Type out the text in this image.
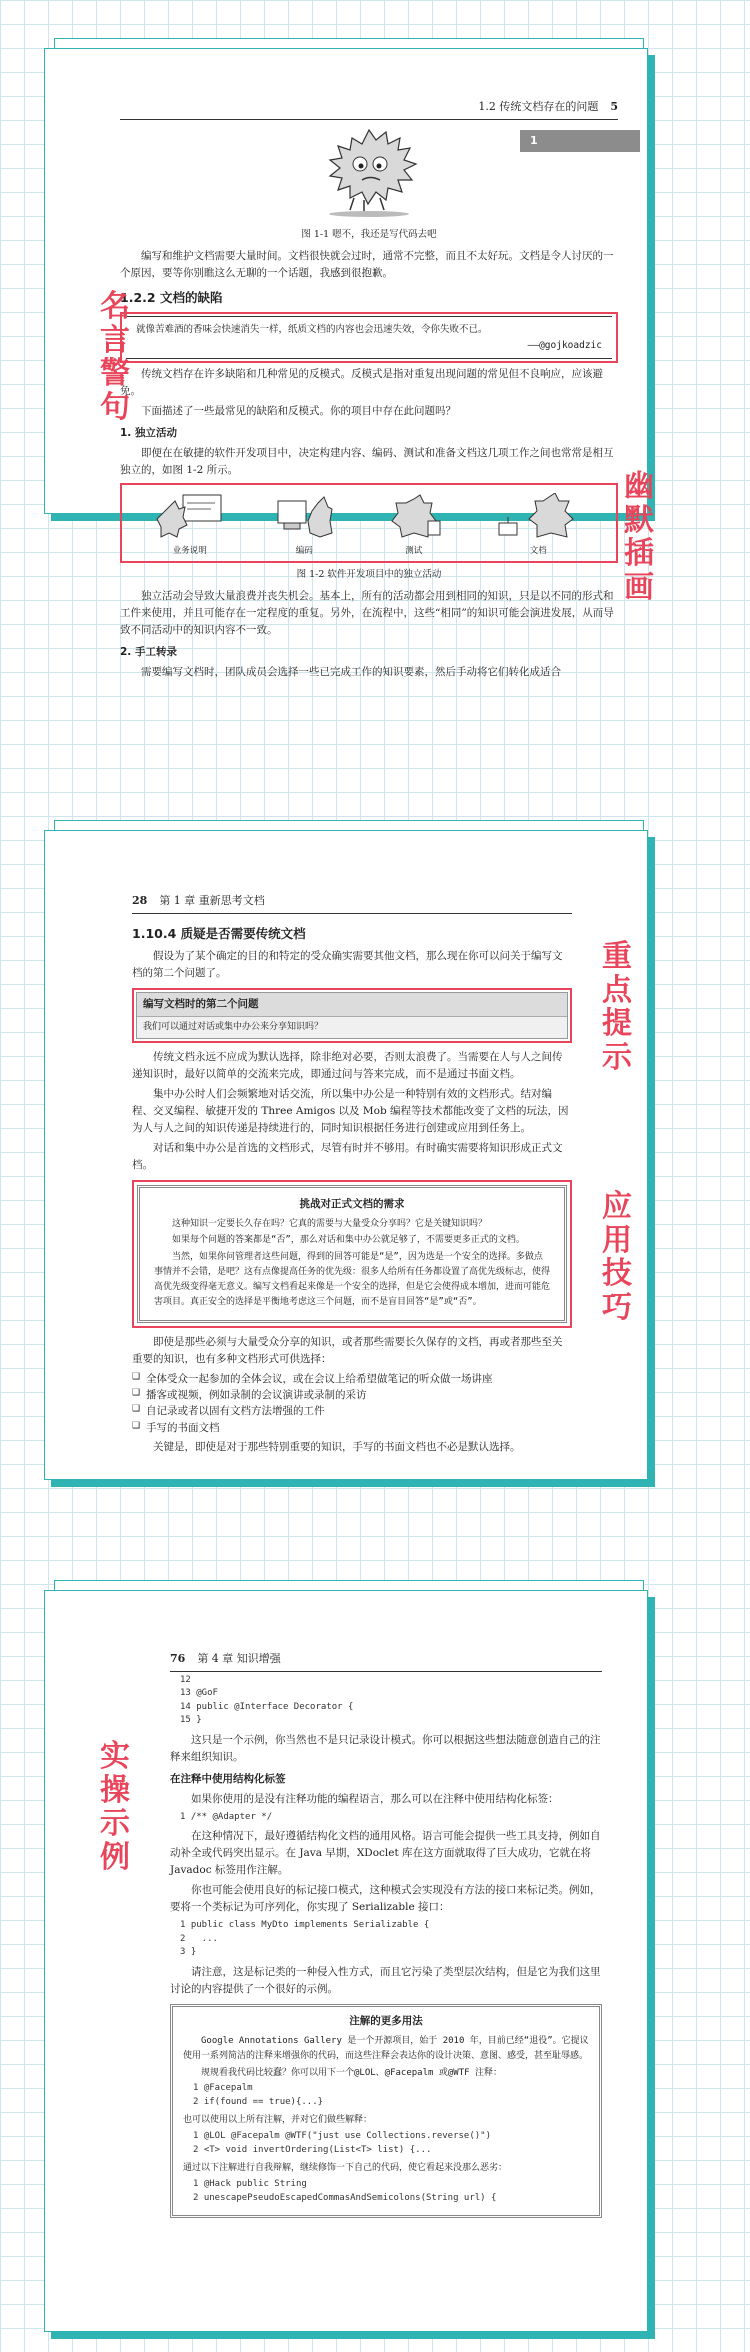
1
1.2 传统文档存在的问题 5
图 1-1 嗯不，我还是写代码去吧

编写和维护文档需要大量时间。文档很快就会过时，通常不完整，而且不太好玩。文档是令人讨厌的一个原因，要等你别瞧这么无聊的一个话题，我感到很抱歉。

1.2.2 文档的缺陷
就像苦难酒的香味会快速消失一样，纸质文档的内容也会迅速失效，令你失败不已。
——@gojkoadzic

传统文档存在许多缺陷和几种常见的反模式。反模式是指对重复出现问题的常见但不良响应，应该避免。

下面描述了一些最常见的缺陷和反模式。你的项目中存在此问题吗？

1. 独立活动

即便在在敏捷的软件开发项目中，决定构建内容、编码、测试和准备文档这几项工作之间也常常是相互独立的，如图 1-2 所示。

业务说明	编码	测试	文档
图 1-2 软件开发项目中的独立活动

独立活动会导致大量浪费并丧失机会。基本上，所有的活动都会用到相同的知识，只是以不同的形式和工件来使用，并且可能存在一定程度的重复。另外，在流程中，这些“相同”的知识可能会演进发展，从而导致不同活动中的知识内容不一致。

2. 手工转录

需要编写文档时，团队成员会选择一些已完成工作的知识要素，然后手动将它们转化成适合

名
言
警
句
幽
默
插
画
28 第 1 章 重新思考文档
1.10.4 质疑是否需要传统文档

假设为了某个确定的目的和特定的受众确实需要其他文档，那么现在你可以问关于编写文档的第二个问题了。

编写文档时的第二个问题
我们可以通过对话或集中办公来分享知识吗？

传统文档永远不应成为默认选择，除非绝对必要，否则太浪费了。当需要在人与人之间传递知识时，最好以简单的交流来完成，即通过问与答来完成，而不是通过书面文档。

集中办公时人们会频繁地对话交流，所以集中办公是一种特别有效的文档形式。结对编程、交叉编程、敏捷开发的 Three Amigos 以及 Mob 编程等技术都能改变了文档的玩法，因为人与人之间的知识传递是持续进行的，同时知识根据任务进行创建或应用到任务上。

对话和集中办公是首选的文档形式，尽管有时并不够用。有时确实需要将知识形成正式文档。

挑战对正式文档的需求

这种知识一定要长久存在吗？它真的需要与大量受众分享吗？它是关键知识吗？

如果每个问题的答案都是“否”，那么对话和集中办公就足够了，不需要更多正式的文档。

当然，如果你问管理者这些问题，得到的回答可能是“是”，因为选是一个安全的选择。多做点事情并不会错，是吧？这有点像提高任务的优先级：很多人给所有任务都设置了高优先级标志，使得高优先级变得毫无意义。编写文档看起来像是一个安全的选择，但是它会使得成本增加，进而可能危害项目。真正安全的选择是平衡地考虑这三个问题，而不是盲目回答“是”或“否”。

即使是那些必须与大量受众分享的知识，或者那些需要长久保存的文档，再或者那些至关重要的知识，也有多种文档形式可供选择：

❑ 全体受众一起参加的全体会议，或在会议上给希望做笔记的听众做一场讲座
❑ 播客或视频，例如录制的会议演讲或录制的采访
❑ 自记录或者以固有文档方法增强的工件
❑ 手写的书面文档

关键是，即使是对于那些特别重要的知识，手写的书面文档也不必是默认选择。

重
点
提
示
应
用
技
巧
76 第 4 章 知识增强
12
13 @GoF
14 public @Interface Decorator {
15 }

这只是一个示例，你当然也不是只记录设计模式。你可以根据这些想法随意创造自己的注释来组织知识。

在注释中使用结构化标签

如果你使用的是没有注释功能的编程语言，那么可以在注释中使用结构化标签：

1 /** @Adapter */

在这种情况下，最好遵循结构化文档的通用风格。语言可能会提供一些工具支持，例如自动补全或代码突出显示。在 Java 早期，XDoclet 库在这方面就取得了巨大成功，它就在将 Javadoc 标签用作注解。

你也可能会使用良好的标记接口模式，这种模式会实现没有方法的接口来标记类。例如，要将一个类标记为可序列化，你实现了 Serializable 接口：

1 public class MyDto implements Serializable {
2   ...
3 }

请注意，这是标记类的一种侵入性方式，而且它污染了类型层次结构，但是它为我们这里讨论的内容提供了一个很好的示例。

注解的更多用法

Google Annotations Gallery 是一个开源项目，始于 2010 年，目前已经“退役”。它提议使用一系列简洁的注释来增强你的代码，而这些注释会表达你的设计决策、意图、感受，甚至耻辱感。

规规看我代码比较蠢？你可以用下一个@LOL、@Facepalm 或@WTF 注释：

1 @Facepalm
2 if(found == true){...}

也可以使用以上所有注解，并对它们做些解释：

1 @LOL @Facepalm @WTF("just use Collections.reverse()")
2 <T> void invertOrdering(List<T> list) {...

通过以下注解进行自我辩解，继续修饰一下自己的代码，使它看起来没那么恶劣：

1 @Hack public String
2 unescapePseudoEscapedCommasAndSemicolons(String url) {
实
操
示
例
